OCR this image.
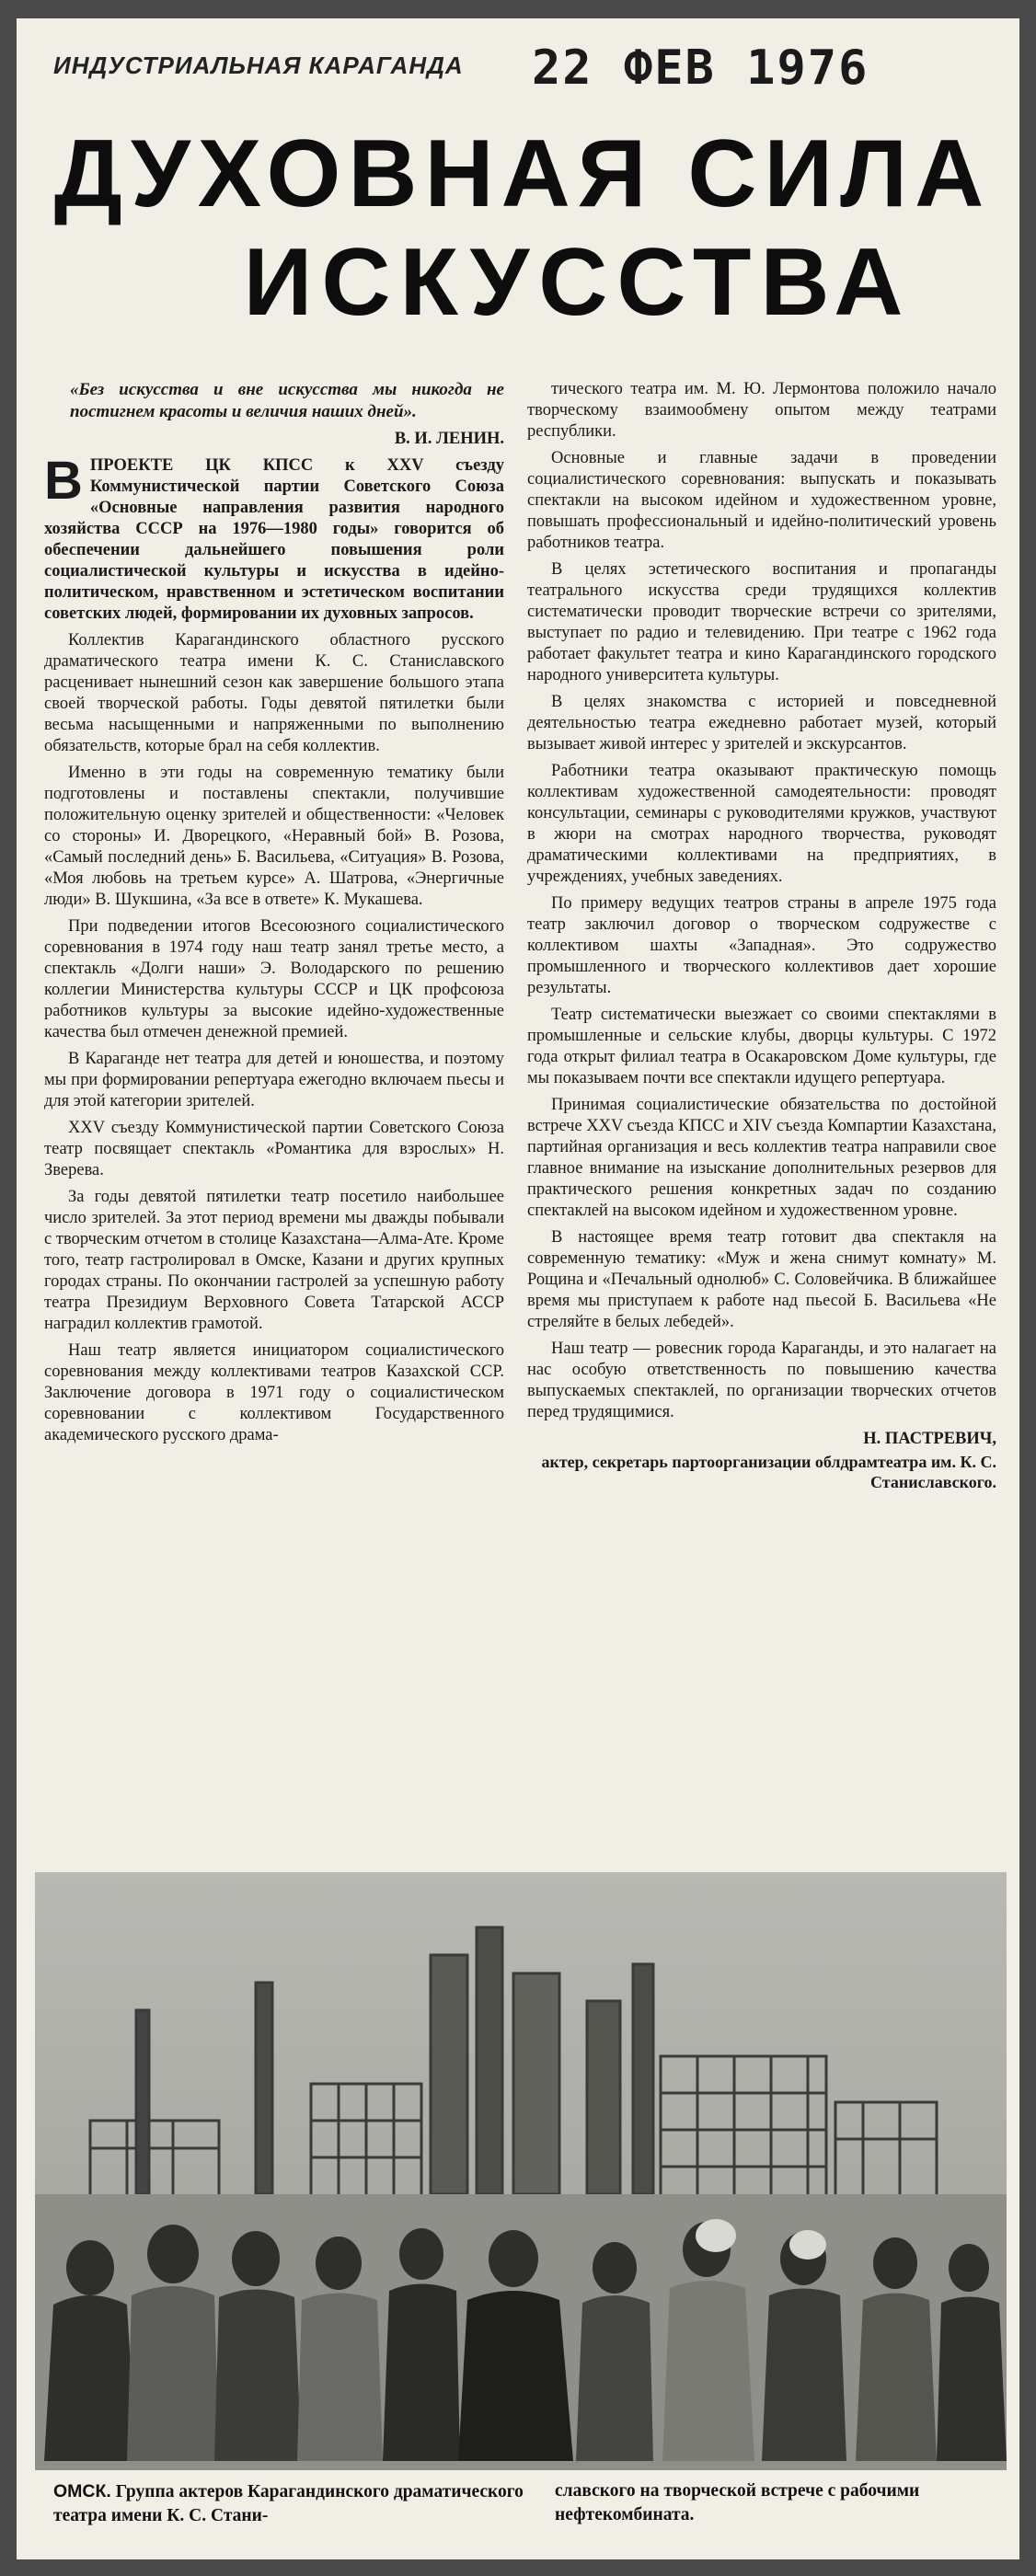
ИНДУСТРИАЛЬНАЯ КАРАГАНДА 22 ФЕВ 1976
ДУХОВНАЯ СИЛА
ИСКУССТВА
«Без искусства и вне искусства мы никогда не постигнем красоты и величия наших дней».
В. И. ЛЕНИН.

В ПРОЕКТЕ ЦК КПСС к XXV съезду Коммунистической партии Советского Союза «Основные направления развития народного хозяйства СССР на 1976—1980 годы» говорится об обеспечении дальнейшего повышения роли социалистической культуры и искусства в идейно-политическом, нравственном и эстетическом воспитании советских людей, формировании их духовных запросов.

Коллектив Карагандинского областного русского драматического театра имени К. С. Станиславского расценивает нынешний сезон как завершение большого этапа своей творческой работы. Годы девятой пятилетки были весьма насыщенными и напряженными по выполнению обязательств, которые брал на себя коллектив.

Именно в эти годы на современную тематику были подготовлены и поставлены спектакли, получившие положительную оценку зрителей и общественности: «Человек со стороны» И. Дворецкого, «Неравный бой» В. Розова, «Самый последний день» Б. Васильева, «Ситуация» В. Розова, «Моя любовь на третьем курсе» А. Шатрова, «Энергичные люди» В. Шукшина, «За все в ответе» К. Мукашева.

При подведении итогов Всесоюзного социалистического соревнования в 1974 году наш театр занял третье место, а спектакль «Долги наши» Э. Володарского по решению коллегии Министерства культуры СССР и ЦК профсоюза работников культуры за высокие идейно-художественные качества был отмечен денежной премией.

В Караганде нет театра для детей и юношества, и поэтому мы при формировании репертуара ежегодно включаем пьесы и для этой категории зрителей.

XXV съезду Коммунистической партии Советского Союза театр посвящает спектакль «Романтика для взрослых» Н. Зверева.

За годы девятой пятилетки театр посетило наибольшее число зрителей. За этот период времени мы дважды побывали с творческим отчетом в столице Казахстана—Алма-Ате. Кроме того, театр гастролировал в Омске, Казани и других крупных городах страны. По окончании гастролей за успешную работу театра Президиум Верховного Совета Татарской АССР наградил коллектив грамотой.

Наш театр является инициатором социалистического соревнования между коллективами театров Казахской ССР. Заключение договора в 1971 году о социалистическом соревновании с коллективом Государственного академического русского драма-

тического театра им. М. Ю. Лермонтова положило начало творческому взаимообмену опытом между театрами республики.

Основные и главные задачи в проведении социалистического соревнования: выпускать и показывать спектакли на высоком идейном и художественном уровне, повышать профессиональный и идейно-политический уровень работников театра.

В целях эстетического воспитания и пропаганды театрального искусства среди трудящихся коллектив систематически проводит творческие встречи со зрителями, выступает по радио и телевидению. При театре с 1962 года работает факультет театра и кино Карагандинского городского народного университета культуры.

В целях знакомства с историей и повседневной деятельностью театра ежедневно работает музей, который вызывает живой интерес у зрителей и экскурсантов.

Работники театра оказывают практическую помощь коллективам художественной самодеятельности: проводят консультации, семинары с руководителями кружков, участвуют в жюри на смотрах народного творчества, руководят драматическими коллективами на предприятиях, в учреждениях, учебных заведениях.

По примеру ведущих театров страны в апреле 1975 года театр заключил договор о творческом содружестве с коллективом шахты «Западная». Это содружество промышленного и творческого коллективов дает хорошие результаты.

Театр систематически выезжает со своими спектаклями в промышленные и сельские клубы, дворцы культуры. С 1972 года открыт филиал театра в Осакаровском Доме культуры, где мы показываем почти все спектакли идущего репертуара.

Принимая социалистические обязательства по достойной встрече XXV съезда КПСС и XIV съезда Компартии Казахстана, партийная организация и весь коллектив театра направили свое главное внимание на изыскание дополнительных резервов для практического решения конкретных задач по созданию спектаклей на высоком идейном и художественном уровне.

В настоящее время театр готовит два спектакля на современную тематику: «Муж и жена снимут комнату» М. Рощина и «Печальный однолюб» С. Соловейчика. В ближайшее время мы приступаем к работе над пьесой Б. Васильева «Не стреляйте в белых лебедей».

Наш театр — ровесник города Караганды, и это налагает на нас особую ответственность по повышению качества выпускаемых спектаклей, по организации творческих отчетов перед трудящимися.

Н. ПАСТРЕВИЧ,
актер, секретарь партоорганизации облдрамтеатра им. К. С. Станиславского.
ОМСК. Группа актеров Карагандинского драматического театра имени К. С. Стани-
славского на творческой встрече с рабочими нефтекомбината.
